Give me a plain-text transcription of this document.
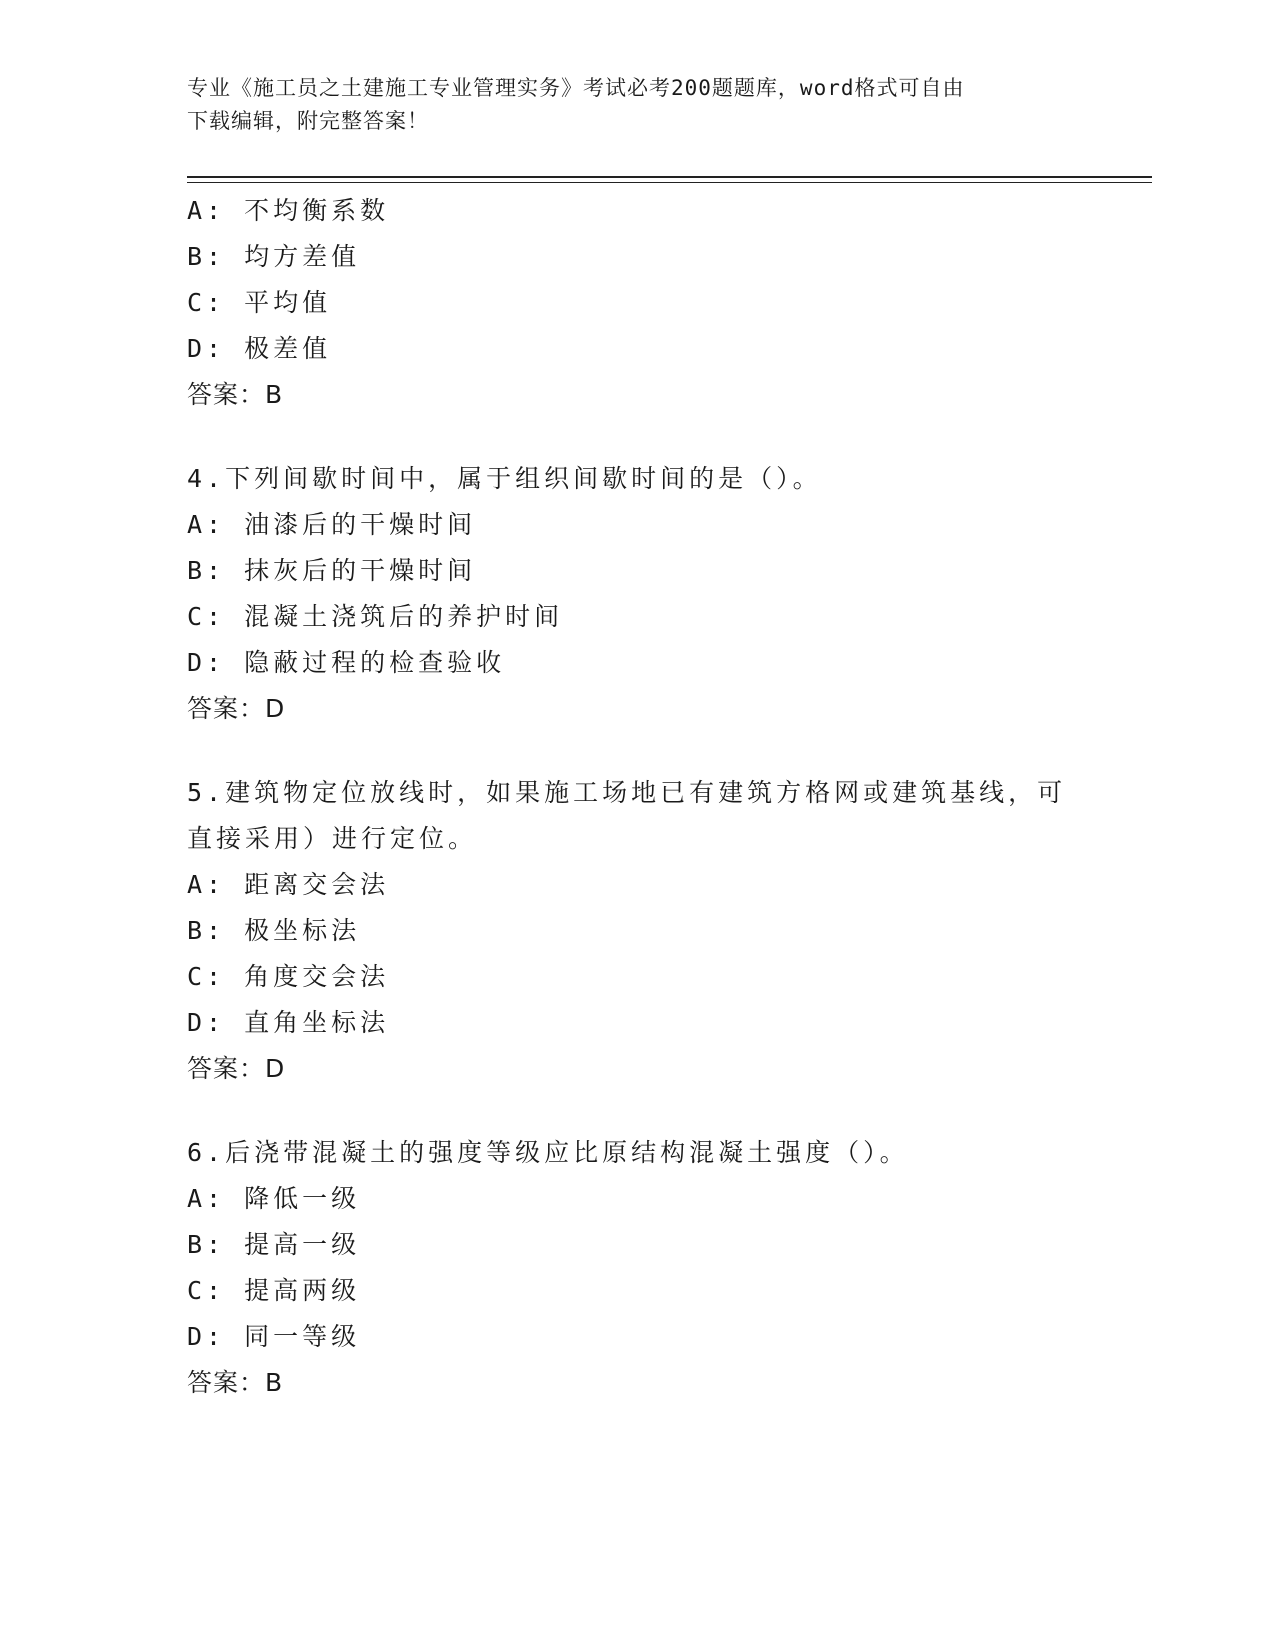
专业《施工员之土建施工专业管理实务》考试必考200题题库，word格式可自由
下载编辑，附完整答案！
A: 不均衡系数
B: 均方差值
C: 平均值
D: 极差值
答案：B
4.下列间歇时间中，属于组织间歇时间的是（）。
A: 油漆后的干燥时间
B: 抹灰后的干燥时间
C: 混凝土浇筑后的养护时间
D: 隐蔽过程的检查验收
答案：D
5.建筑物定位放线时，如果施工场地已有建筑方格网或建筑基线，可
直接采用）进行定位。
A: 距离交会法
B: 极坐标法
C: 角度交会法
D: 直角坐标法
答案：D
6.后浇带混凝土的强度等级应比原结构混凝土强度（）。
A: 降低一级
B: 提高一级
C: 提高两级
D: 同一等级
答案：B
